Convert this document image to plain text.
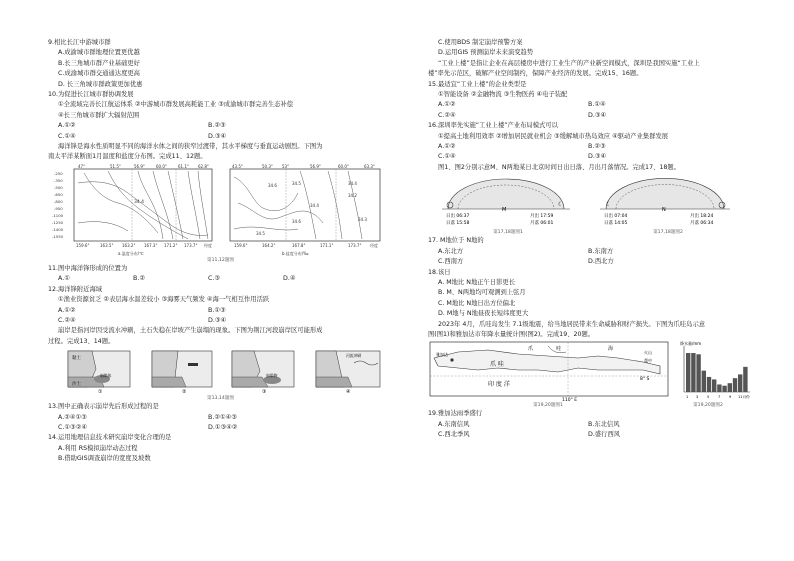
9.相比长江中游城市群
A.成渝城市群地理位置更优越
B.长三角城市群产业基础更好
C.成渝城市群交通通达度更高
D. 长三角城市群政策更加优惠
10.为促进长江城市群协调发展
①全流域完善长江航运体系 ②中游城市群发展高耗能工业 ③成渝城市群完善生态补偿
④长三角城市群扩大辐射范围
A.①②	B.②③
C.①④	D.③④
海洋锋是海水性质明显不同的海洋水体之间的狭窄过渡带，其水平梯度与垂直运动剧烈。下图为
南太平洋某断面1月温度和盐度分布图。完成11、12题。
34.4
47°	51.5°	56.9°	60.0°	61.1° 62.8°
-250
-350
-500
-650
-800
-950
-1100
-1250
-1400
-1550
159.6°	163.5° 163.2° 167.3° 171.2° 173.7° 经度
a.温度分布/℃
34.6	34.5	34.4
34.2
34.6
34.4
34.3
34.5
43.5°	50.3° 53°	56.9°	60.0°	63.3°
159.6°	164.2°	167.8°	171.1°	173.7° 经度
b.盐度分布/‰
第11,12题图
11.图中海洋锋形成的位置为
A.①	B.②	C.③	D.④
12.海洋锋附近海域
①渔业资源贫乏 ②表层海水温差较小 ③海雾天气频发 ④海一气相互作用活跃
A.①②	B.①③
C.②④	D.③④
崩岸是指河岸因受流水冲刷，土石失稳在岸坡产生崩塌的现象。下图为荆江河段崩岸区可能形成
过程。完成13、14题。
黏土
沙土
崩塌体
①	②
崩塌物
③
河流冲刷
④
第13,14题图
13.图中正确表示崩岸先后形成过程的是
A.②④①③	B.②①④③
C.①③②④	D.①③④②
14.运用地理信息技术研究崩岸变化合理的是
A.利用 RS模拟崩岸动态过程
B.借助GIS调查崩岸的宽度及坡数
C.使用BDS 制定崩岸预警方案
D.运用GIS 预测崩岸未来演变趋势
“工业上楼”是指让企业在高层楼房中进行工业生产的产业新空间模式，深圳是我国实施“工业上
楼”率先示范区，破解产业空间制约，保障产业经济的发展。完成15、16题。
15.最适宜“工业上楼”的企业类型是
①智能设备 ②金融物流 ③生物医药 ④电子装配
A.①②	B.①④
C.②④	D.③④
16.深圳率先实施“工业上楼”产业布局模式可以
①提高土地利用效率 ②增加居民就业机会 ③缓解城市热岛效应 ④驱动产业集群发展
A.①②	B.②③
C.①④	D.③④
图1、图2分别示意M、N两地某日北京时间日出日落、月出月落情况。完成17、18题。
☾
M
日出 06:37
日落 15:58
月出 17:59
月落 06:01
☾
N
日出 07:04
日落 14:05
月出 18:24
月落 06:34
第17,18题图1	第17,18题图2
17. M地位于 N地的
A.东北方	B.东南方
C.西南方	D.西北方
18.该日
A. M地比 N地正午日影更长
B. M、N两地均可观测到上弦月
C. M地比 N地日出方位偏北
D. M地与 N地昼夜长短纬度更大
2023年 4月，爪哇岛发生 7.1级地震，给当地居民带来生命威胁和财产损失。下图为爪哇岛示意
图(图1)和雅加达市年降水量统计图(图2)。完成19、20题。
爪	哇	海
爪 哇
印 度 洋
110° E
8° S
火山
震中
雅加达
降水量/mm
1 3 5 7 9 11月份
第19,20题图1	第19,20题图2
19.雅加达雨季盛行
A.东南信风	B.东北信风
C.西北季风	D.盛行西风
